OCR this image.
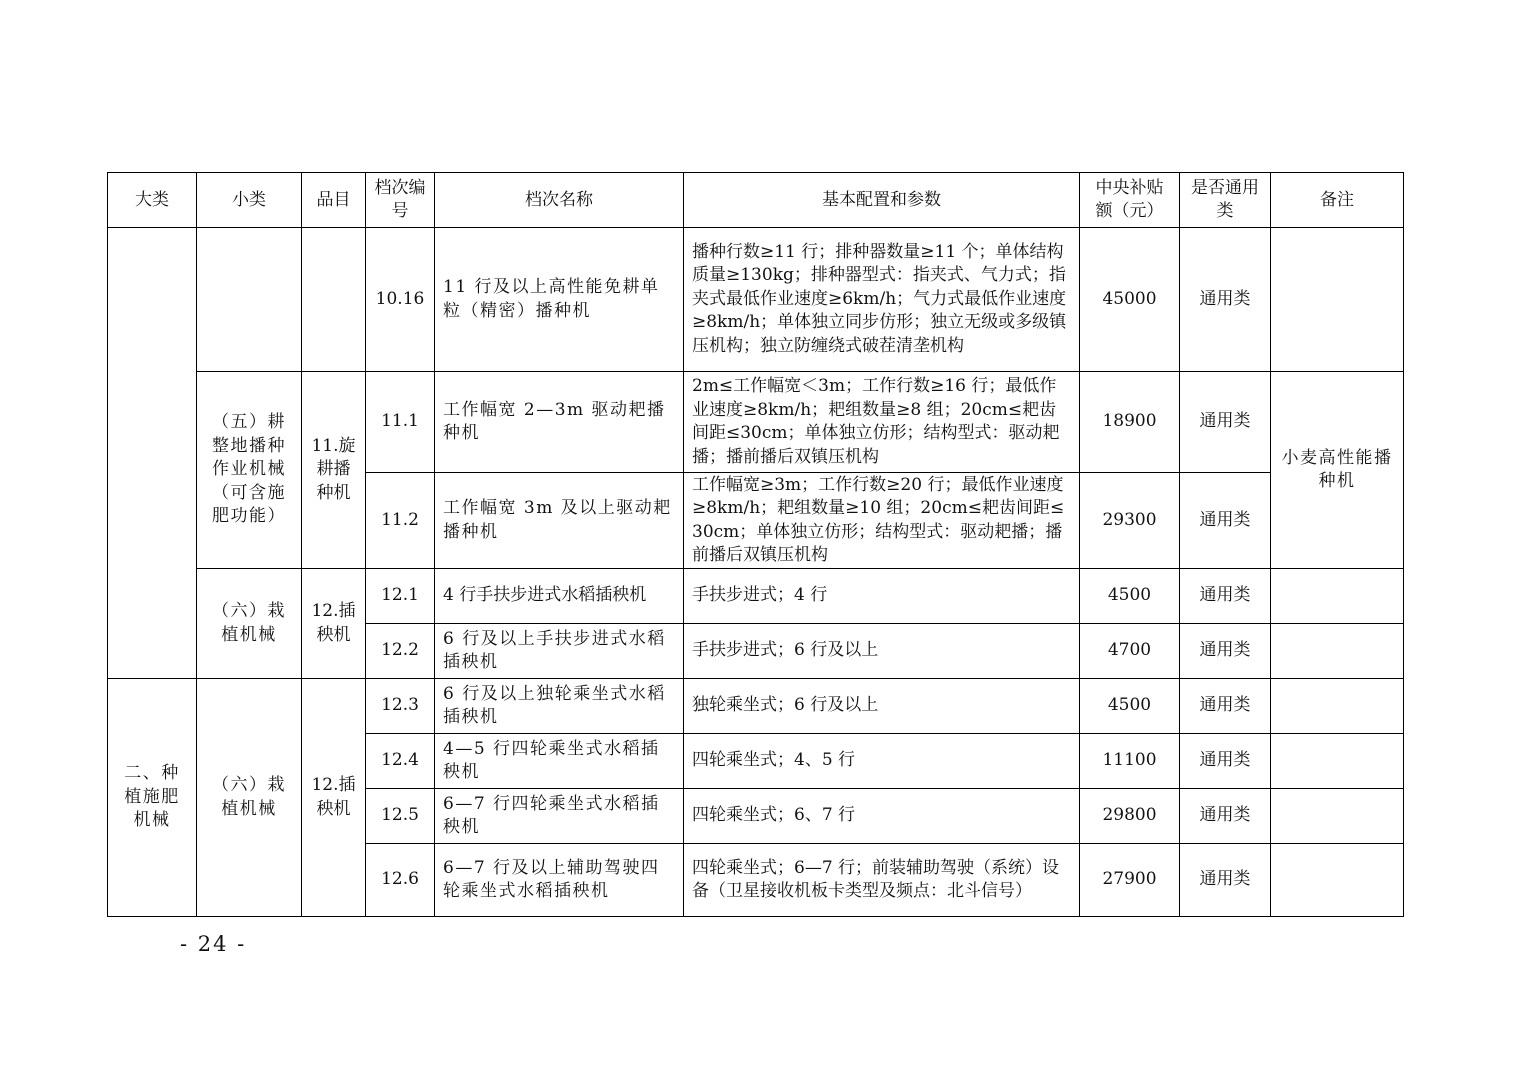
大类	小类	品目	档次编号	档次名称	基本配置和参数	中央补贴额（元）	是否通用类	备注
			10.16	11 行及以上高性能免耕单粒（精密）播种机	播种行数≥11 行；排种器数量≥11 个；单体结构质量≥130kg；排种器型式：指夹式、气力式；指夹式最低作业速度≥6km/h；气力式最低作业速度≥8km/h；单体独立同步仿形；独立无级或多级镇压机构；独立防缠绕式破茬清垄机构	45000	通用类	
	（五）耕整地播种作业机械（可含施肥功能）	11.旋耕播种机	11.1	工作幅宽 2—3m 驱动耙播种机	2m≤工作幅宽＜3m；工作行数≥16 行；最低作业速度≥8km/h；耙组数量≥8 组；20cm≤耙齿间距≤30cm；单体独立仿形；结构型式：驱动耙播；播前播后双镇压机构	18900	通用类	小麦高性能播种机
			11.2	工作幅宽 3m 及以上驱动耙播种机	工作幅宽≥3m；工作行数≥20 行；最低作业速度≥8km/h；耙组数量≥10 组；20cm≤耙齿间距≤30cm；单体独立仿形；结构型式：驱动耙播；播前播后双镇压机构	29300	通用类	
	（六）栽植机械	12.插秧机	12.1	4 行手扶步进式水稻插秧机	手扶步进式；4 行	4500	通用类	
			12.2	6 行及以上手扶步进式水稻插秧机	手扶步进式；6 行及以上	4700	通用类	
二、种植施肥机械	（六）栽植机械	12.插秧机	12.3	6 行及以上独轮乘坐式水稻插秧机	独轮乘坐式；6 行及以上	4500	通用类	
			12.4	4—5 行四轮乘坐式水稻插秧机	四轮乘坐式；4、5 行	11100	通用类	
			12.5	6—7 行四轮乘坐式水稻插秧机	四轮乘坐式；6、7 行	29800	通用类	
			12.6	6—7 行及以上辅助驾驶四轮乘坐式水稻插秧机	四轮乘坐式；6—7 行；前装辅助驾驶（系统）设备（卫星接收机板卡类型及频点：北斗信号）	27900	通用类	
- 24 -
